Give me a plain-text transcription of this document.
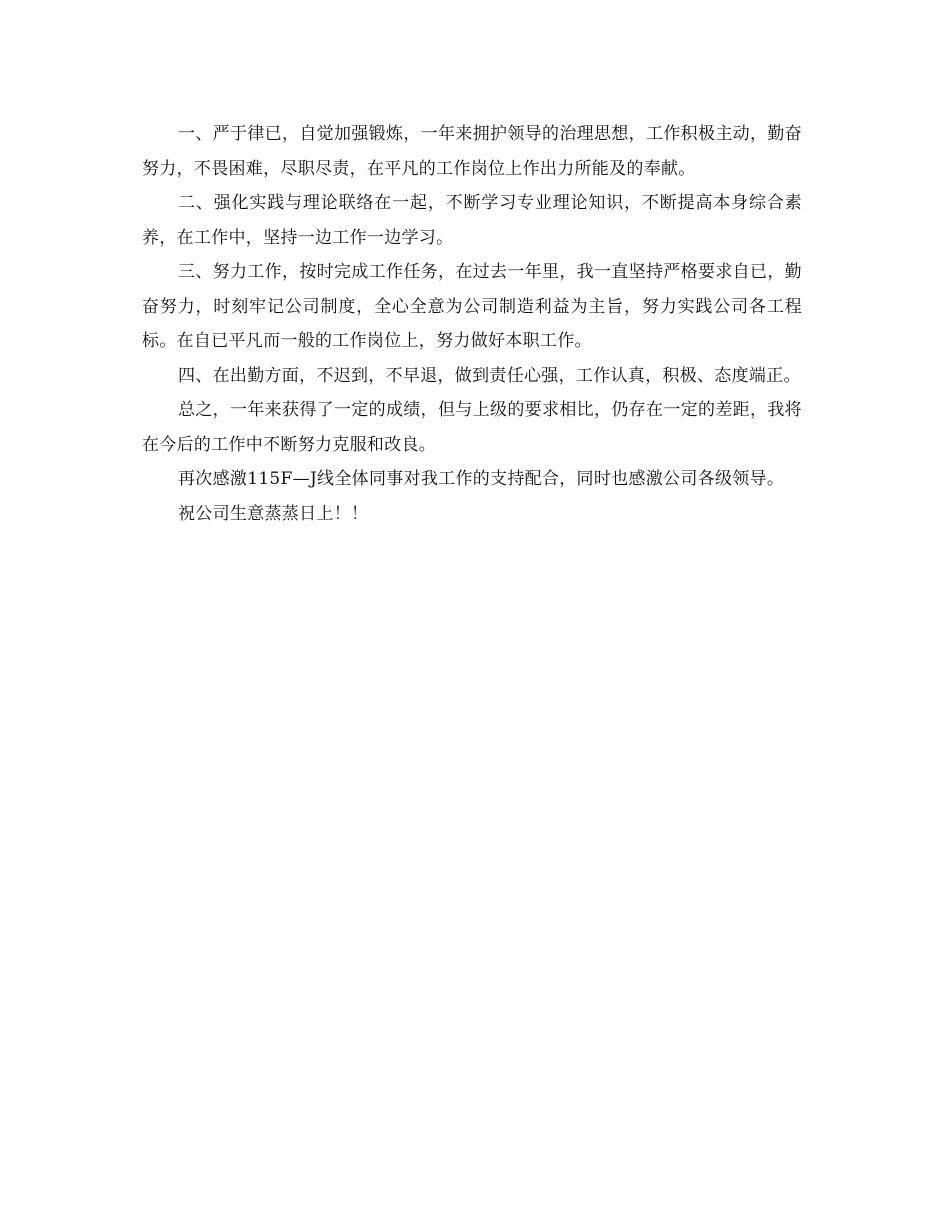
一、严于律已，自觉加强锻炼，一年来拥护领导的治理思想，工作积极主动，勤奋努力，不畏困难，尽职尽责，在平凡的工作岗位上作出力所能及的奉献。

二、强化实践与理论联络在一起，不断学习专业理论知识，不断提高本身综合素养，在工作中，坚持一边工作一边学习。

三、努力工作，按时完成工作任务，在过去一年里，我一直坚持严格要求自已，勤奋努力，时刻牢记公司制度，全心全意为公司制造利益为主旨，努力实践公司各工程标。在自已平凡而一般的工作岗位上，努力做好本职工作。

四、在出勤方面，不迟到，不早退，做到责任心强，工作认真，积极、态度端正。

总之，一年来获得了一定的成绩，但与上级的要求相比，仍存在一定的差距，我将在今后的工作中不断努力克服和改良。

再次感激115F—J线全体同事对我工作的支持配合，同时也感激公司各级领导。

祝公司生意蒸蒸日上！！
